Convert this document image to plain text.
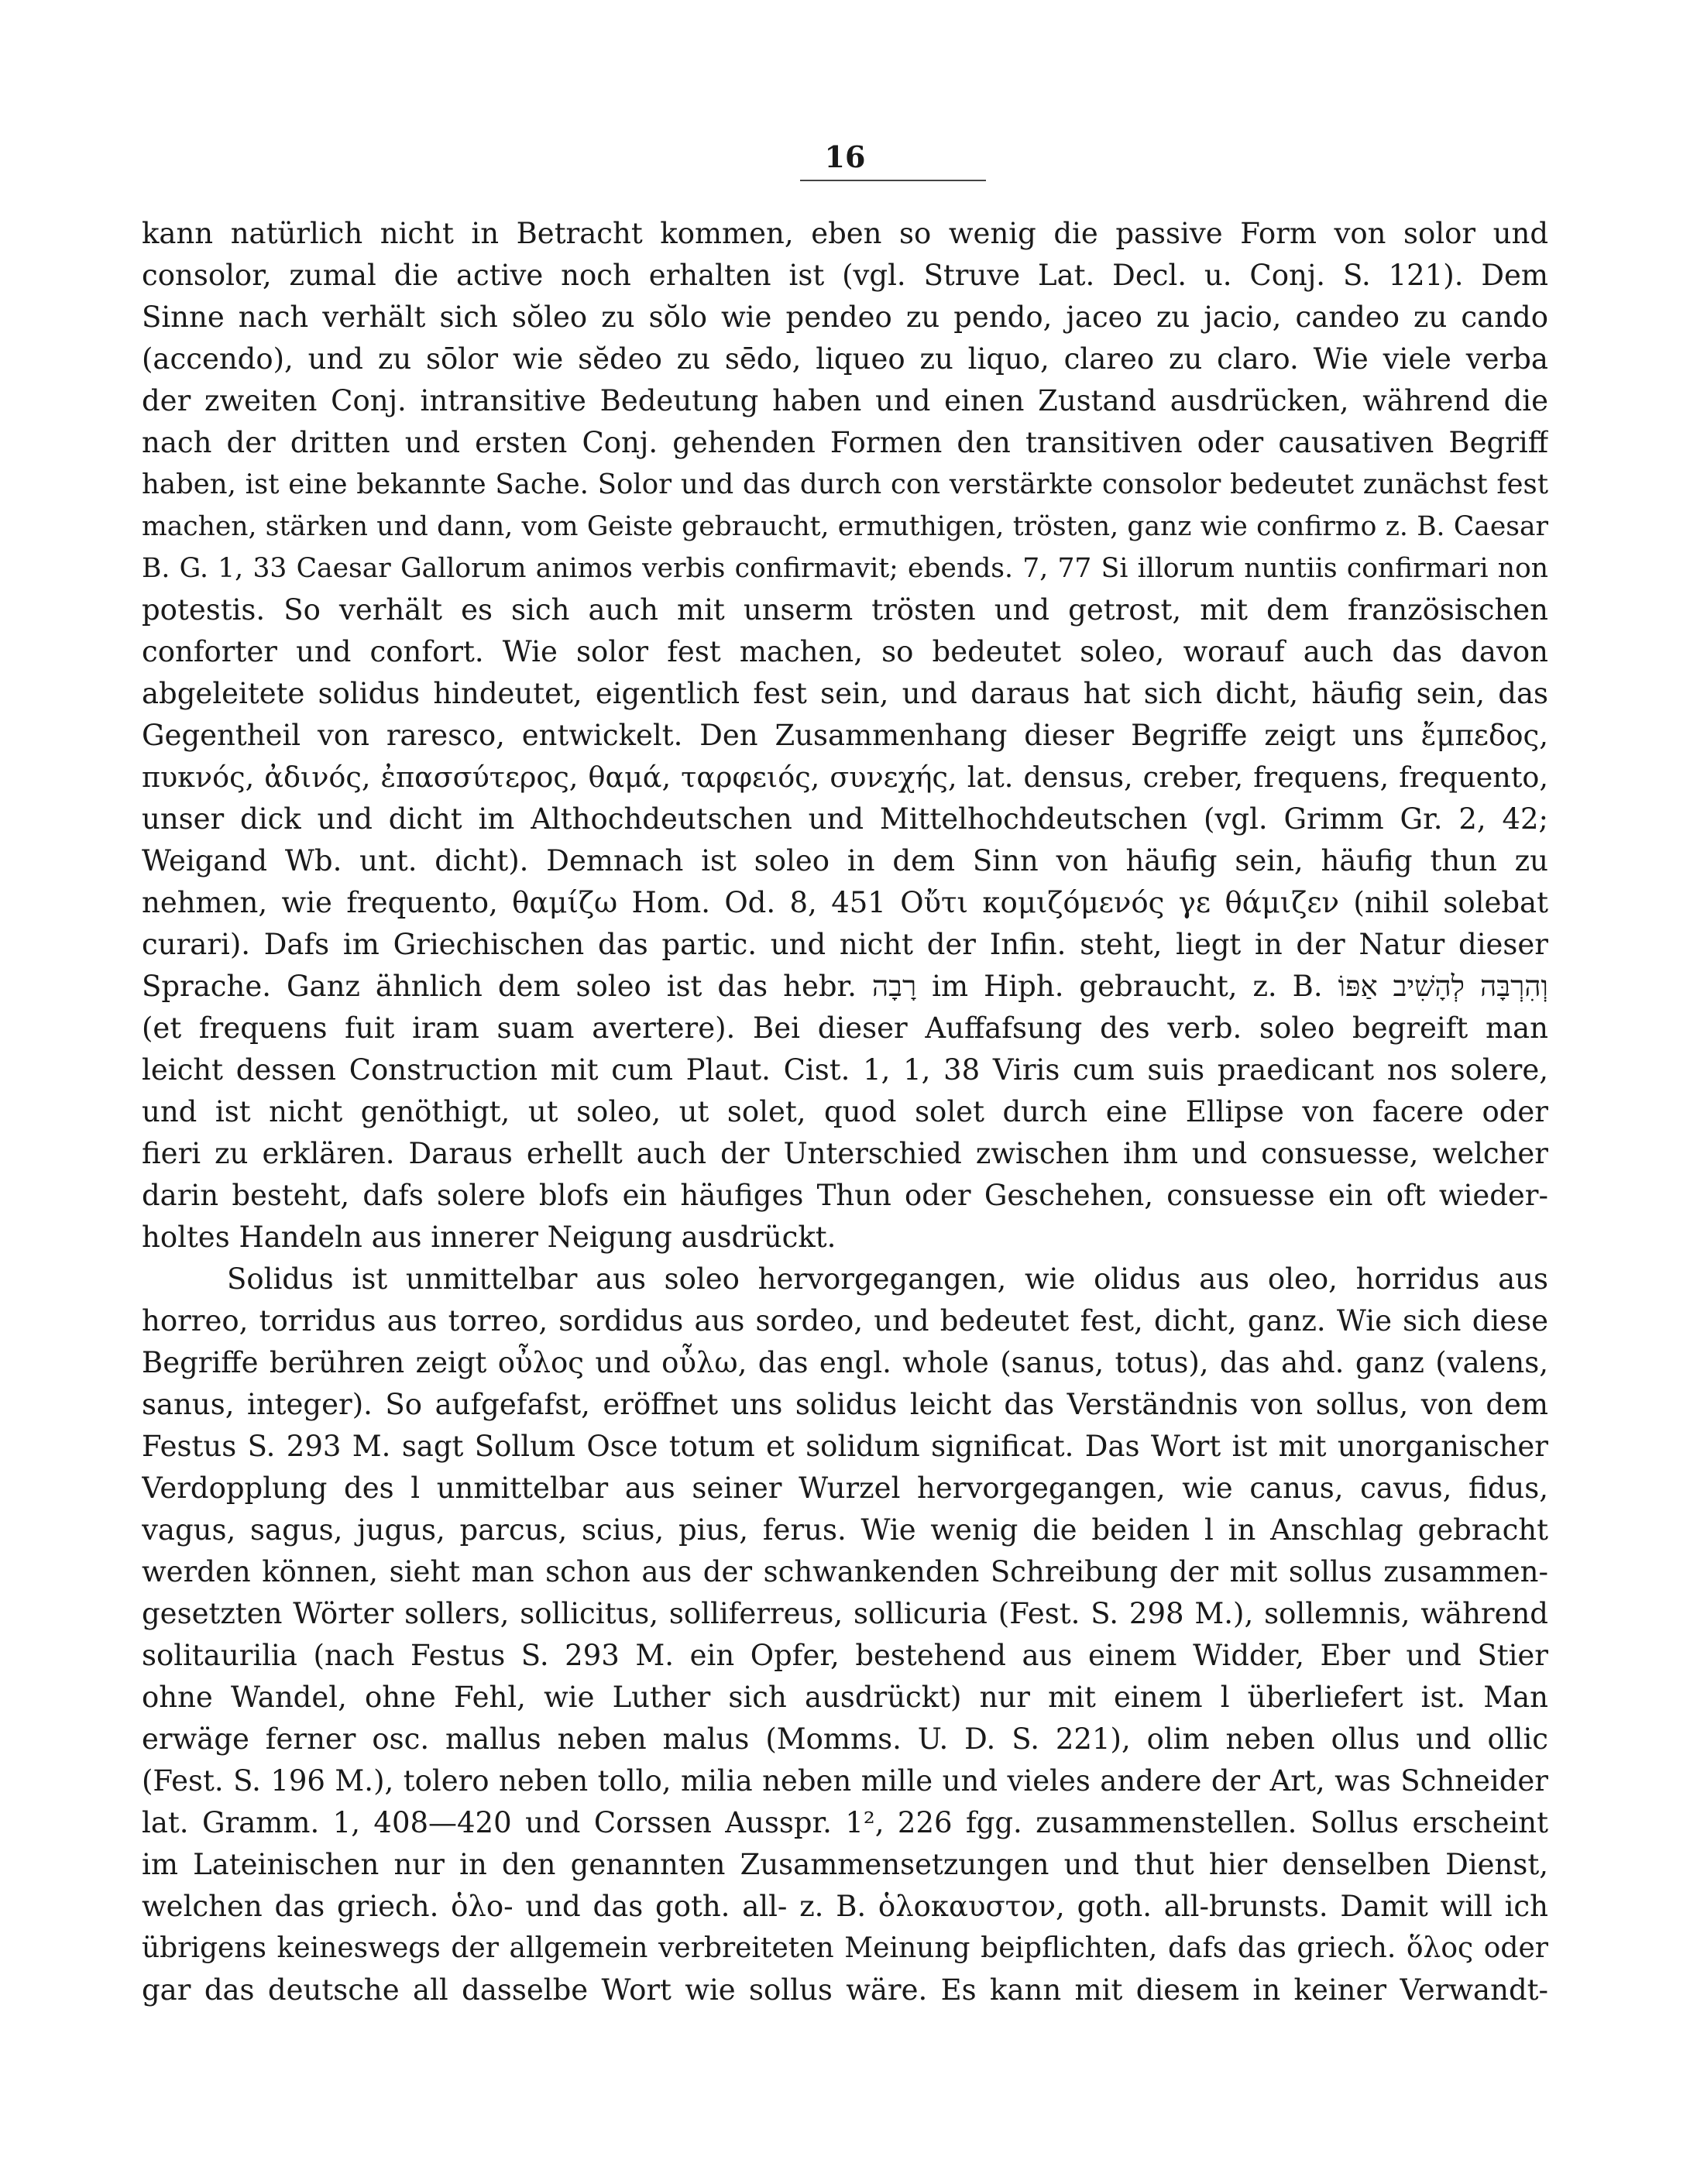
16
kann natürlich nicht in Betracht kommen, eben so wenig die passive Form von solor und
consolor, zumal die active noch erhalten ist (vgl. Struve Lat. Decl. u. Conj. S. 121). Dem
Sinne nach verhält sich sŏleo zu sŏlo wie pendeo zu pendo, jaceo zu jacio, candeo zu cando
(accendo), und zu sōlor wie sĕdeo zu sēdo, liqueo zu liquo, clareo zu claro. Wie viele verba
der zweiten Conj. intransitive Bedeutung haben und einen Zustand ausdrücken, während die
nach der dritten und ersten Conj. gehenden Formen den transitiven oder causativen Begriff
haben, ist eine bekannte Sache. Solor und das durch con verstärkte consolor bedeutet zunächst fest
machen, stärken und dann, vom Geiste gebraucht, ermuthigen, trösten, ganz wie confirmo z. B. Caesar
B. G. 1, 33 Caesar Gallorum animos verbis confirmavit; ebends. 7, 77 Si illorum nuntiis confirmari non
potestis. So verhält es sich auch mit unserm trösten und getrost, mit dem französischen
conforter und confort. Wie solor fest machen, so bedeutet soleo, worauf auch das davon
abgeleitete solidus hindeutet, eigentlich fest sein, und daraus hat sich dicht, häufig sein, das
Gegentheil von raresco, entwickelt. Den Zusammenhang dieser Begriffe zeigt uns ἔμπεδος,
πυκνός, ἀδινός, ἐπασσύτερος, θαμά, ταρφειός, συνεχής, lat. densus, creber, frequens, frequento,
unser dick und dicht im Althochdeutschen und Mittelhochdeutschen (vgl. Grimm Gr. 2, 42;
Weigand Wb. unt. dicht). Demnach ist soleo in dem Sinn von häufig sein, häufig thun zu
nehmen, wie frequento, θαμίζω Hom. Od. 8, 451 Οὔτι κομιζόμενός γε θάμιζεν (nihil solebat
curari). Dafs im Griechischen das partic. und nicht der Infin. steht, liegt in der Natur dieser
Sprache. Ganz ähnlich dem soleo ist das hebr. רָבָה im Hiph. gebraucht, z. B. וְהִרְבָּה לְהָשִׁיב אַפּוֹ
(et frequens fuit iram suam avertere). Bei dieser Auffafsung des verb. soleo begreift man
leicht dessen Construction mit cum Plaut. Cist. 1, 1, 38 Viris cum suis praedicant nos solere,
und ist nicht genöthigt, ut soleo, ut solet, quod solet durch eine Ellipse von facere oder
fieri zu erklären. Daraus erhellt auch der Unterschied zwischen ihm und consuesse, welcher
darin besteht, dafs solere blofs ein häufiges Thun oder Geschehen, consuesse ein oft wieder-
holtes Handeln aus innerer Neigung ausdrückt.
Solidus ist unmittelbar aus soleo hervorgegangen, wie olidus aus oleo, horridus aus
horreo, torridus aus torreo, sordidus aus sordeo, und bedeutet fest, dicht, ganz. Wie sich diese
Begriffe berühren zeigt οὖλος und οὖλω, das engl. whole (sanus, totus), das ahd. ganz (valens,
sanus, integer). So aufgefafst, eröffnet uns solidus leicht das Verständnis von sollus, von dem
Festus S. 293 M. sagt Sollum Osce totum et solidum significat. Das Wort ist mit unorganischer
Verdopplung des l unmittelbar aus seiner Wurzel hervorgegangen, wie canus, cavus, fidus,
vagus, sagus, jugus, parcus, scius, pius, ferus. Wie wenig die beiden l in Anschlag gebracht
werden können, sieht man schon aus der schwankenden Schreibung der mit sollus zusammen-
gesetzten Wörter sollers, sollicitus, solliferreus, sollicuria (Fest. S. 298 M.), sollemnis, während
solitaurilia (nach Festus S. 293 M. ein Opfer, bestehend aus einem Widder, Eber und Stier
ohne Wandel, ohne Fehl, wie Luther sich ausdrückt) nur mit einem l überliefert ist. Man
erwäge ferner osc. mallus neben malus (Momms. U. D. S. 221), olim neben ollus und ollic
(Fest. S. 196 M.), tolero neben tollo, milia neben mille und vieles andere der Art, was Schneider
lat. Gramm. 1, 408—420 und Corssen Ausspr. 1², 226 fgg. zusammenstellen. Sollus erscheint
im Lateinischen nur in den genannten Zusammensetzungen und thut hier denselben Dienst,
welchen das griech. ὁλο- und das goth. all- z. B. ὁλοκαυστον, goth. all-brunsts. Damit will ich
übrigens keineswegs der allgemein verbreiteten Meinung beipflichten, dafs das griech. ὅλος oder
gar das deutsche all dasselbe Wort wie sollus wäre. Es kann mit diesem in keiner Verwandt-
